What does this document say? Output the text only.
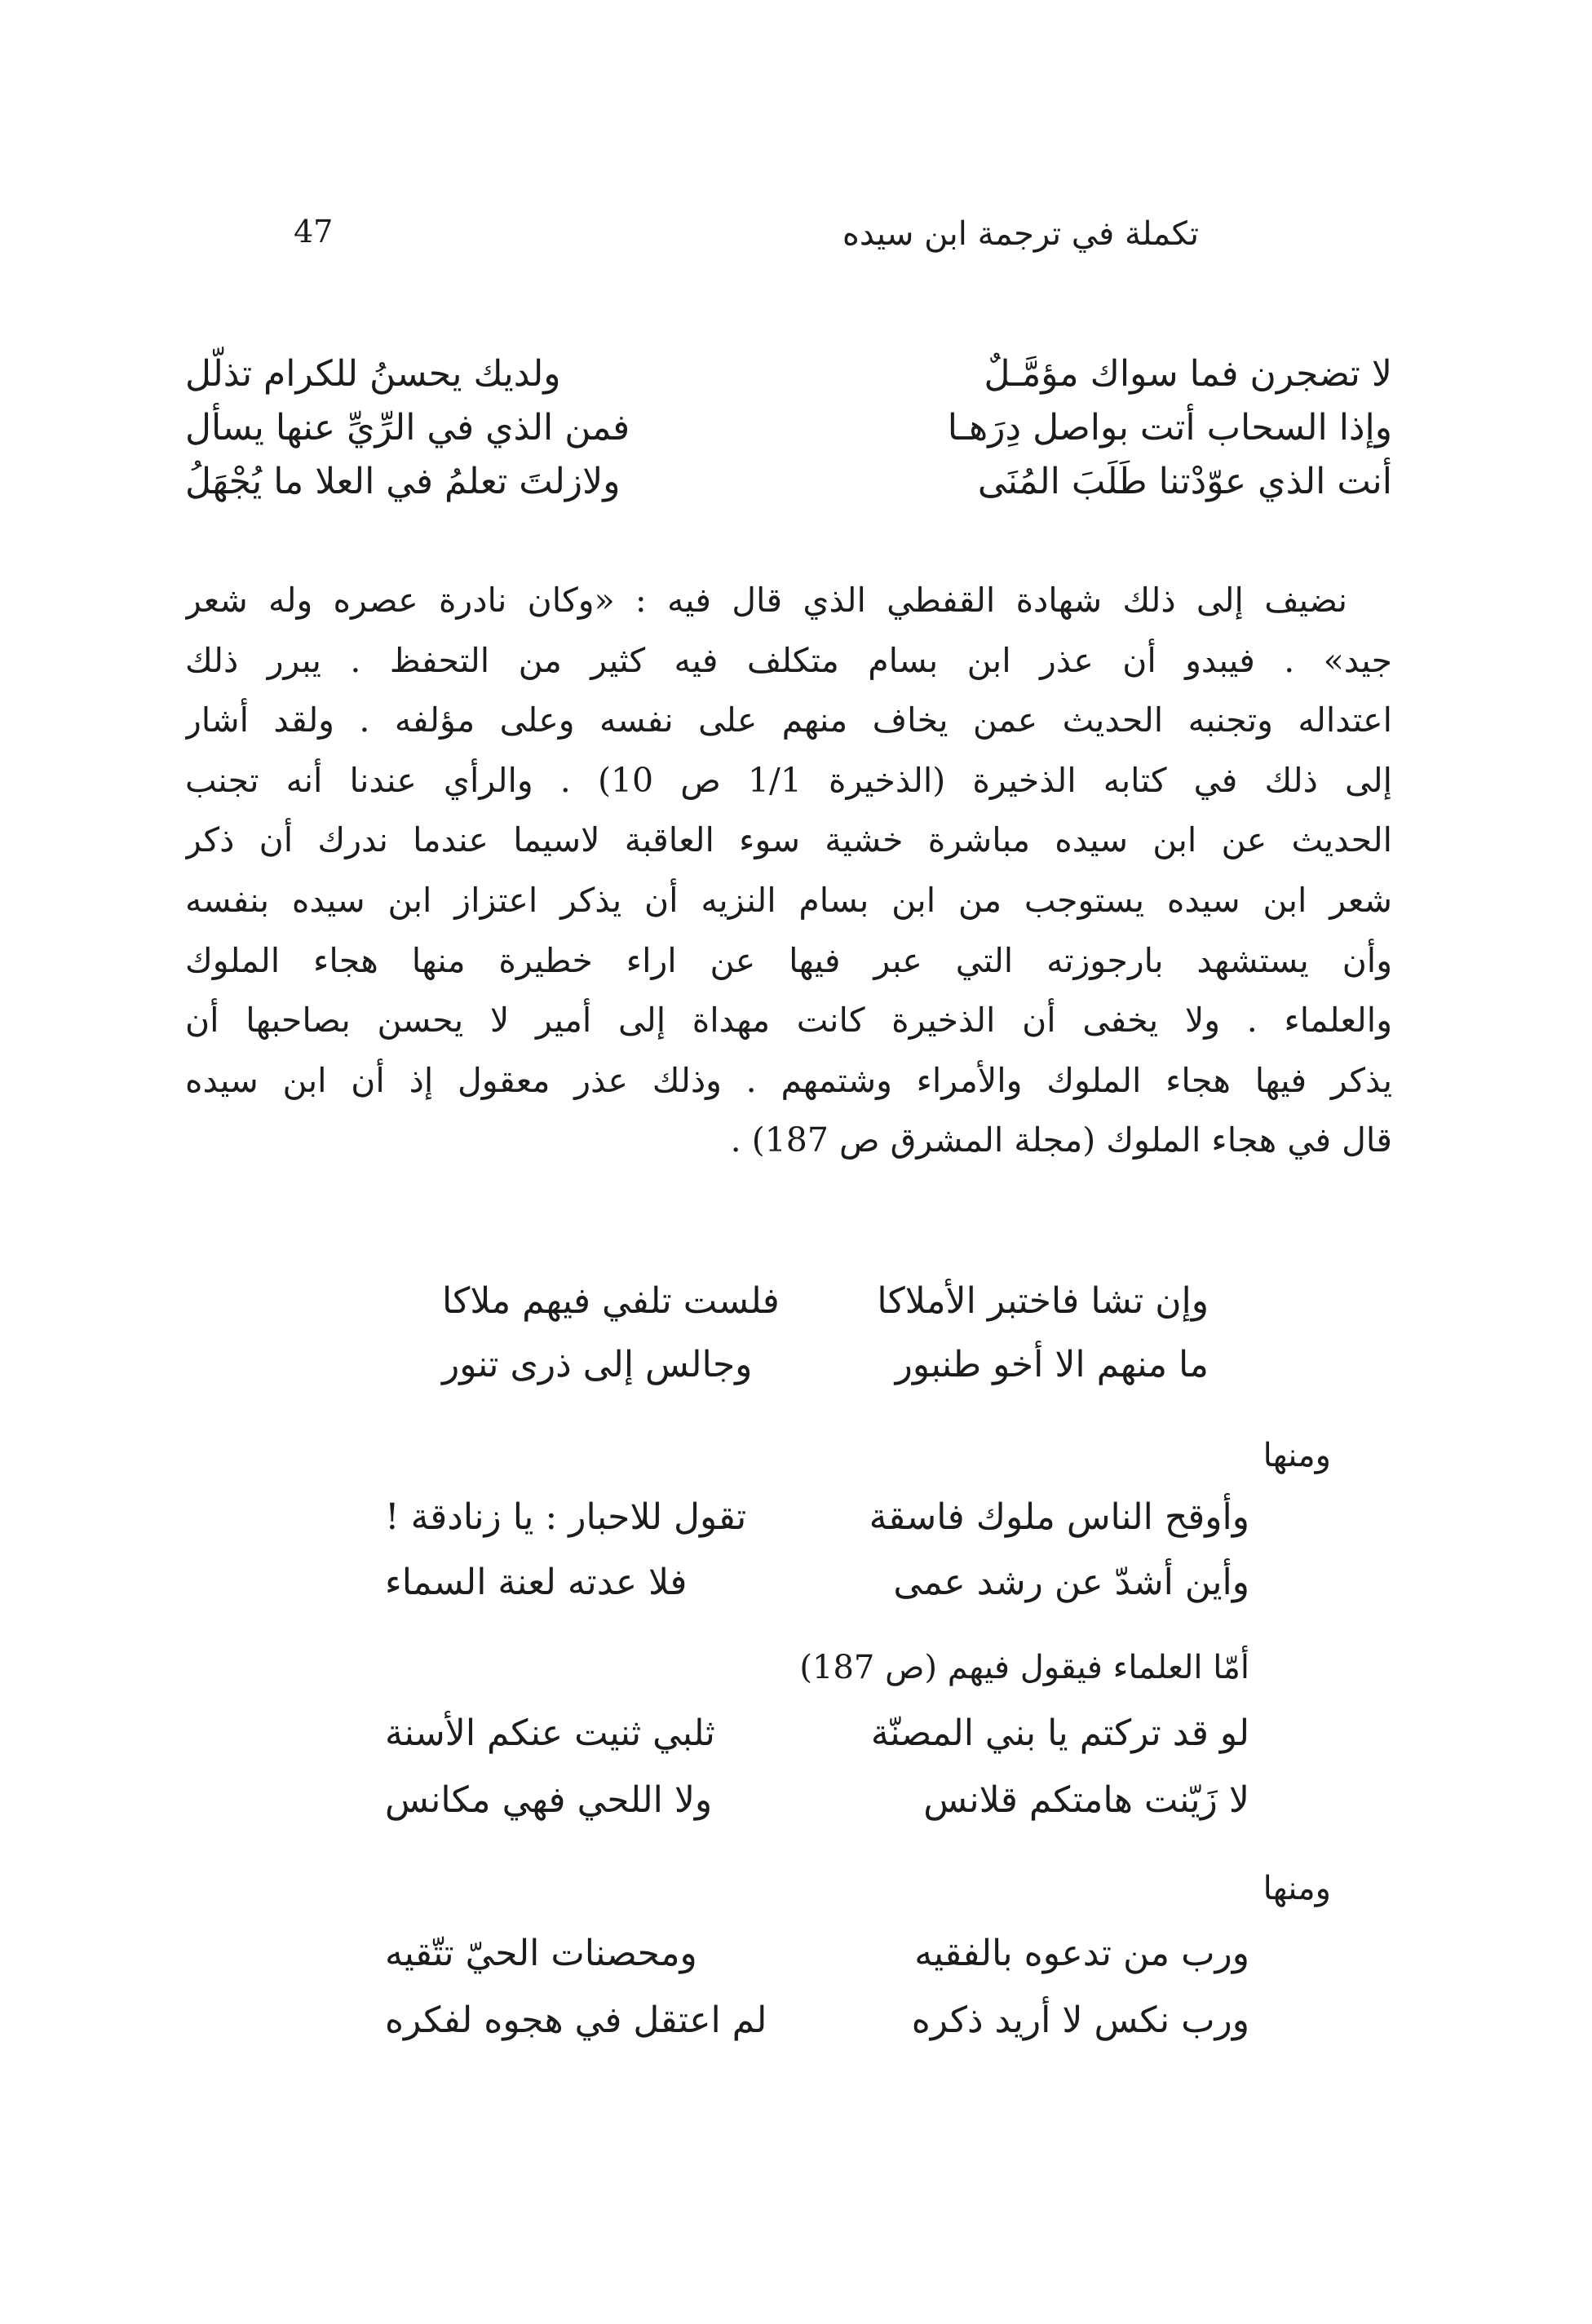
47	تكملة في ترجمة ابن سيده
لا تضجرن فما سواك مؤمَّـلٌ
ولديك يحسنُ للكرام تذلّل
وإذا السحاب أتت بواصل دِرَهـا
فمن الذي في الرِّيِّ عنها يسأل
أنت الذي عوّدْتنا طَلَبَ المُنَى
ولازلتَ تعلمُ في العلا ما يُجْهَلُ
نضيف إلى ذلك شهادة القفطي الذي قال فيه : «وكان نادرة عصره وله شعر
جيد» . فيبدو أن عذر ابن بسام متكلف فيه كثير من التحفظ . يبرر ذلك
اعتداله وتجنبه الحديث عمن يخاف منهم على نفسه وعلى مؤلفه . ولقد أشار
إلى ذلك في كتابه الذخيرة (الذخيرة 1/1 ص 10) . والرأي عندنا أنه تجنب
الحديث عن ابن سيده مباشرة خشية سوء العاقبة لاسيما عندما ندرك أن ذكر
شعر ابن سيده يستوجب من ابن بسام النزيه أن يذكر اعتزاز ابن سيده بنفسه
وأن يستشهد بارجوزته التي عبر فيها عن اراء خطيرة منها هجاء الملوك
والعلماء . ولا يخفى أن الذخيرة كانت مهداة إلى أمير لا يحسن بصاحبها أن
يذكر فيها هجاء الملوك والأمراء وشتمهم . وذلك عذر معقول إذ أن ابن سيده
قال في هجاء الملوك (مجلة المشرق ص 187) .
وإن تشا فاختبر الأملاكا
فلست تلفي فيهم ملاكا
ما منهم الا أخو طنبور
وجالس إلى ذرى تنور
ومنها
وأوقح الناس ملوك فاسقة
تقول للاحبار : يا زنادقة !
وأين أشدّ عن رشد عمى
فلا عدته لعنة السماء
أمّا العلماء فيقول فيهم (ص 187)
لو قد تركتم يا بني المصنّة
ثلبي ثنيت عنكم الأسنة
لا زَيّنت هامتكم قلانس
ولا اللحي فهي مكانس
ومنها
ورب من تدعوه بالفقيه
ومحصنات الحيّ تتّقيه
ورب نكس لا أريد ذكره
لم اعتقل في هجوه لفكره
